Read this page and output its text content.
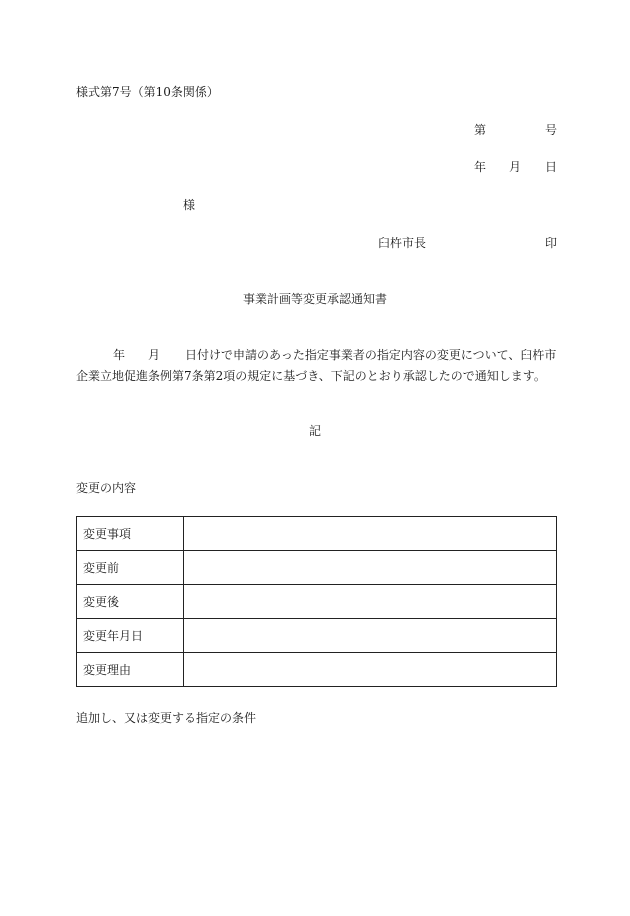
様式第7号（第10条関係）
第	号
年 月 日
様
臼杵市長	印
事業計画等変更承認通知書
年 月 日付けで申請のあった指定事業者の指定内容の変更について、臼杵市
企業立地促進条例第7条第2項の規定に基づき、下記のとおり承認したので通知します。
記
変更の内容
変更事項	
変更前	
変更後	
変更年月日	
変更理由	
追加し、又は変更する指定の条件
